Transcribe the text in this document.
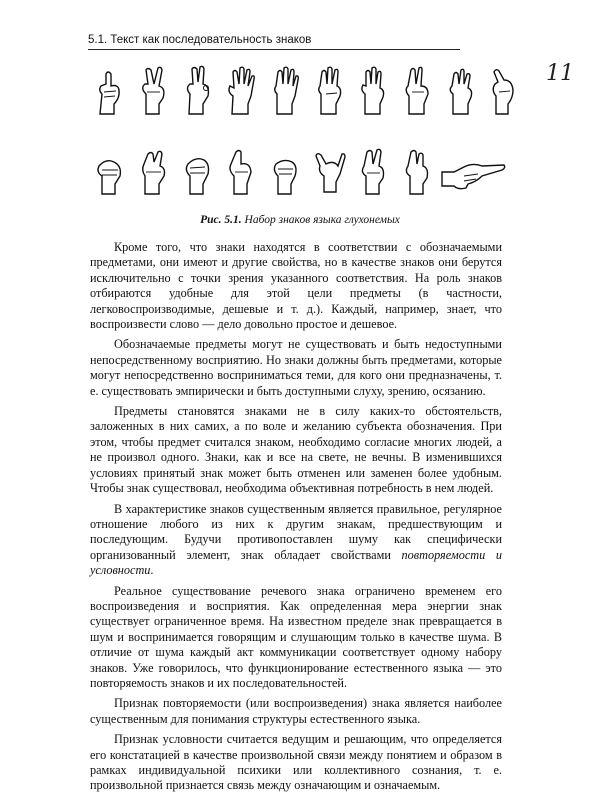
5.1. Текст как последовательность знаков
11
Рис. 5.1. Набор знаков языка глухонемых

Кроме того, что знаки находятся в соответствии с обозначаемыми предметами, они имеют и другие свойства, но в качестве знаков они берутся исключительно с точки зрения указанного соответствия. На роль знаков отбираются удобные для этой цели предметы (в частности, легковоспроизводимые, дешевые и т. д.). Каждый, например, знает, что воспроизвести слово — дело довольно простое и дешевое.

Обозначаемые предметы могут не существовать и быть недоступными непосредственному восприятию. Но знаки должны быть предметами, которые могут непосредственно восприниматься теми, для кого они предназначены, т. е. существовать эмпирически и быть доступными слуху, зрению, осязанию.

Предметы становятся знаками не в силу каких-то обстоятельств, заложенных в них самих, а по воле и желанию субъекта обозначения. При этом, чтобы предмет считался знаком, необходимо согласие многих людей, а не произвол одного. Знаки, как и все на свете, не вечны. В изменившихся условиях принятый знак может быть отменен или заменен более удобным. Чтобы знак существовал, необходима объективная потребность в нем людей.

В характеристике знаков существенным является правильное, регулярное отношение любого из них к другим знакам, предшествующим и последующим. Будучи противопоставлен шуму как специфически организованный элемент, знак обладает свойствами повторяемости и условности.

Реальное существование речевого знака ограничено временем его воспроизведения и восприятия. Как определенная мера энергии знак существует ограниченное время. На известном пределе знак превращается в шум и воспринимается говорящим и слушающим только в качестве шума. В отличие от шума каждый акт коммуникации соответствует одному набору знаков. Уже говорилось, что функционирование естественного языка — это повторяемость знаков и их последовательностей.

Признак повторяемости (или воспроизведения) знака является наиболее существенным для понимания структуры естественного языка.

Признак условности считается ведущим и решающим, что определяется его констатацией в качестве произвольной связи между понятием и образом в рамках индивидуальной психики или коллективного сознания, т. е. произвольной признается связь между означающим и означаемым.
